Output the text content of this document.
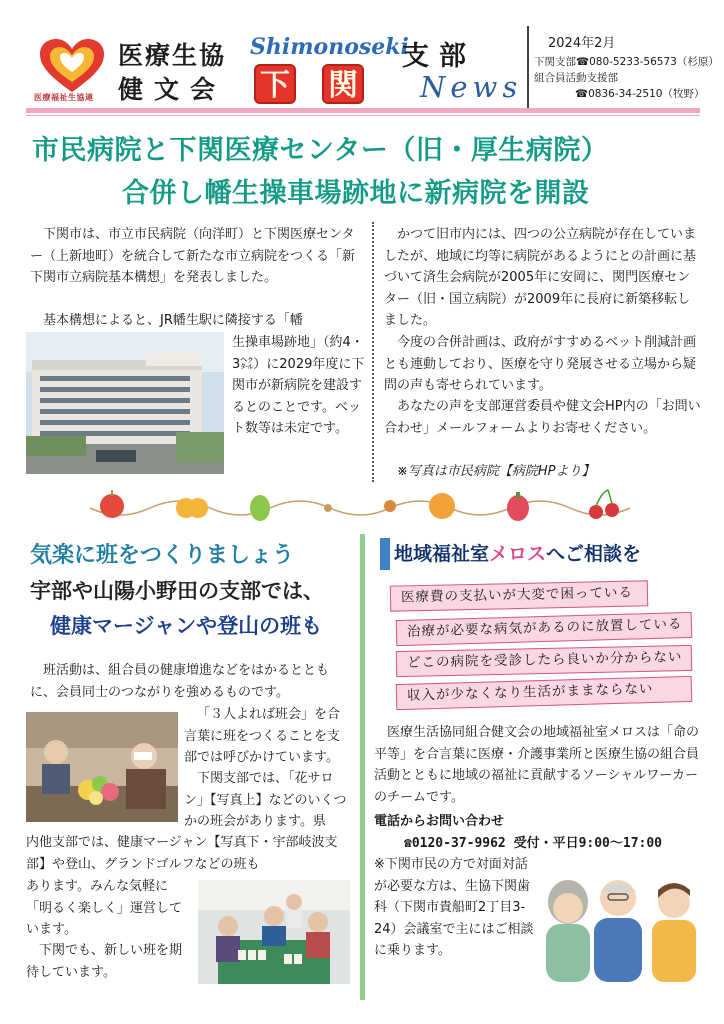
医療福祉生協連
医療生協
健文会
Shimonoseki
下 関
支部
News
2024年2月
下関支部☎080-5233-56573（杉原）
組合員活動支援部
☎0836-34-2510（牧野）
市民病院と下関医療センター（旧・厚生病院）
合併し幡生操車場跡地に新病院を開設
下関市は、市立市民病院（向洋町）と下関医療センター（上新地町）を統合して新たな市立病院をつくる「新下関市立病院基本構想」を発表しました。
基本構想によると、JR幡生駅に隣接する「幡
生操車場跡地」（約4・3㌶）に2029年度に下関市が新病院を建設するとのことです。ベット数等は未定です。
かつて旧市内には、四つの公立病院が存在していましたが、地域に均等に病院があるようにとの計画に基づいて済生会病院が2005年に安岡に、関門医療センター（旧・国立病院）が2009年に長府に新築移転しました。
今度の合併計画は、政府がすすめるベット削減計画とも連動しており、医療を守り発展させる立場から疑問の声も寄せられています。
あなたの声を支部運営委員や健文会HP内の「お問い合わせ」メールフォームよりお寄せください。
※写真は市民病院【病院HPより】
気楽に班をつくりましょう
宇部や山陽小野田の支部では、
健康マージャンや登山の班も
班活動は、組合員の健康増進などをはかるとともに、会員同士のつながりを強めるものです。
「３人よれば班会」を合言葉に班をつくることを支部では呼びかけています。
下関支部では、「花サロン」【写真上】などのいくつかの班会があります。県
内他支部では、健康マージャン【写真下・宇部岐波支部】や登山、グランドゴルフなどの班も
あります。みんな気軽に「明るく楽しく」運営しています。
下関でも、新しい班を期待しています。
地域福祉室メロスへご相談を
医療費の支払いが大変で困っている
治療が必要な病気があるのに放置している
どこの病院を受診したら良いか分からない
収入が少なくなり生活がままならない
医療生活協同組合健文会の地域福祉室メロスは「命の平等」を合言葉に医療・介護事業所と医療生協の組合員活動とともに地域の福祉に貢献するソーシャルワーカーのチームです。
電話からお問い合わせ
☎0120-37-9962 受付・平日9:00～17:00
※下関市民の方で対面対話が必要な方は、生協下関歯科（下関市貴船町2丁目3-24）会議室で主にはご相談に乗ります。
